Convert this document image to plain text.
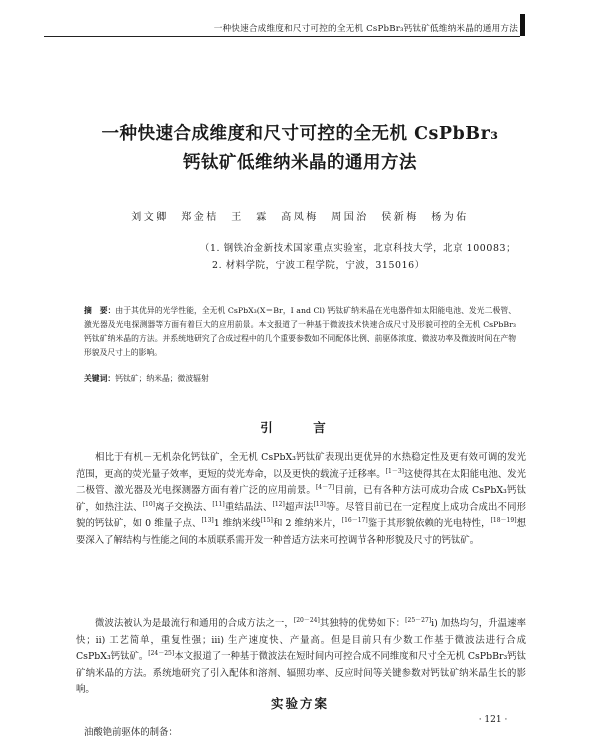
一种快速合成维度和尺寸可控的全无机 CsPbBr₃钙钛矿低维纳米晶的通用方法
一种快速合成维度和尺寸可控的全无机 CsPbBr₃
钙钛矿低维纳米晶的通用方法
刘文卿　郑金桔　王　霖　高凤梅　周国治　侯新梅　杨为佑
（1. 钢铁冶金新技术国家重点实验室，北京科技大学，北京 100083；
2. 材料学院，宁波工程学院，宁波，315016）
摘　要：由于其优异的光学性能，全无机 CsPbX₃(X＝Br，I and Cl) 钙钛矿纳米晶在光电器件如太阳能电池、发光二极管、激光器及光电探测器等方面有着巨大的应用前景。本文报道了一种基于微波技术快速合成尺寸及形貌可控的全无机 CsPbBr₃钙钛矿纳米晶的方法。并系统地研究了合成过程中的几个重要参数如不同配体比例、前驱体浓度、微波功率及微波时间在产物形貌及尺寸上的影响。
关键词：钙钛矿；纳米晶；微波辐射
引　言
相比于有机－无机杂化钙钛矿，全无机 CsPbX₃钙钛矿表现出更优异的水热稳定性及更有效可调的发光范围，更高的荧光量子效率，更短的荧光寿命，以及更快的载流子迁移率。[1－3]这使得其在太阳能电池、发光二极管、激光器及光电探测器方面有着广泛的应用前景。[4－7]目前，已有各种方法可成功合成 CsPbX₃钙钛矿，如热注法、[10]离子交换法、[11]重结晶法、[12]超声法[13]等。尽管目前已在一定程度上成功合成出不同形貌的钙钛矿，如 0 维量子点、[13]1 维纳米线[15]和 2 维纳米片，[16－17]鉴于其形貌依赖的光电特性，[18－19]想要深入了解结构与性能之间的本质联系需开发一种普适方法来可控调节各种形貌及尺寸的钙钛矿。
微波法被认为是最流行和通用的合成方法之一，[20－24]其独特的优势如下：[25－27]i) 加热均匀，升温速率快；ii) 工艺简单，重复性强；iii) 生产速度快、产量高。但是目前只有少数工作基于微波法进行合成 CsPbX₃钙钛矿。[24－25]本文报道了一种基于微波法在短时间内可控合成不同维度和尺寸全无机 CsPbBr₃钙钛矿纳米晶的方法。系统地研究了引入配体和溶剂、辐照功率、反应时间等关键参数对钙钛矿纳米晶生长的影响。
实验方案
· 121 ·
油酸铯前驱体的制备：
